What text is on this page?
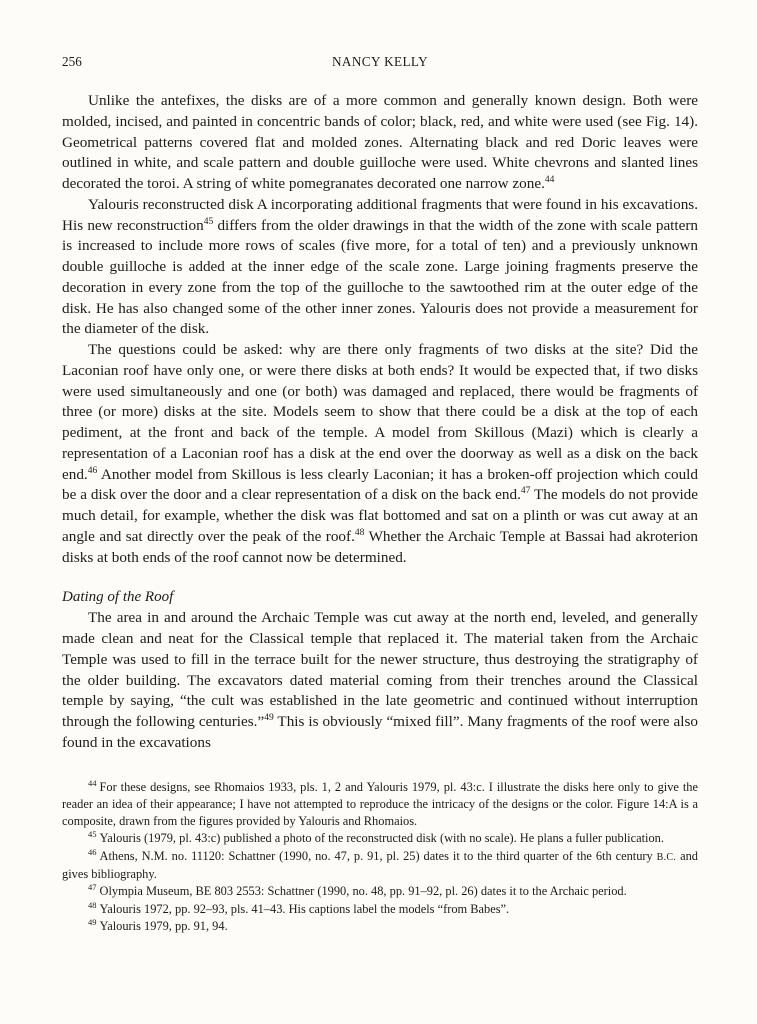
256	NANCY KELLY

Unlike the antefixes, the disks are of a more common and generally known design. Both were molded, incised, and painted in concentric bands of color; black, red, and white were used (see Fig. 14). Geometrical patterns covered flat and molded zones. Alternating black and red Doric leaves were outlined in white, and scale pattern and double guilloche were used. White chevrons and slanted lines decorated the toroi. A string of white pomegranates decorated one narrow zone.$^{44}$

Yalouris reconstructed disk A incorporating additional fragments that were found in his excavations. His new reconstruction$^{45}$ differs from the older drawings in that the width of the zone with scale pattern is increased to include more rows of scales (five more, for a total of ten) and a previously unknown double guilloche is added at the inner edge of the scale zone. Large joining fragments preserve the decoration in every zone from the top of the guilloche to the sawtoothed rim at the outer edge of the disk. He has also changed some of the other inner zones. Yalouris does not provide a measurement for the diameter of the disk.

The questions could be asked: why are there only fragments of two disks at the site? Did the Laconian roof have only one, or were there disks at both ends? It would be expected that, if two disks were used simultaneously and one (or both) was damaged and replaced, there would be fragments of three (or more) disks at the site. Models seem to show that there could be a disk at the top of each pediment, at the front and back of the temple. A model from Skillous (Mazi) which is clearly a representation of a Laconian roof has a disk at the end over the doorway as well as a disk on the back end.$^{46}$ Another model from Skillous is less clearly Laconian; it has a broken-off projection which could be a disk over the door and a clear representation of a disk on the back end.$^{47}$ The models do not provide much detail, for example, whether the disk was flat bottomed and sat on a plinth or was cut away at an angle and sat directly over the peak of the roof.$^{48}$ Whether the Archaic Temple at Bassai had akroterion disks at both ends of the roof cannot now be determined.

Dating of the Roof

The area in and around the Archaic Temple was cut away at the north end, leveled, and generally made clean and neat for the Classical temple that replaced it. The material taken from the Archaic Temple was used to fill in the terrace built for the newer structure, thus destroying the stratigraphy of the older building. The excavators dated material coming from their trenches around the Classical temple by saying, “the cult was established in the late geometric and continued without interruption through the following centuries.”$^{49}$ This is obviously “mixed fill”. Many fragments of the roof were also found in the excavations

$^{44}$ For these designs, see Rhomaios 1933, pls. 1, 2 and Yalouris 1979, pl. 43:c. I illustrate the disks here only to give the reader an idea of their appearance; I have not attempted to reproduce the intricacy of the designs or the color. Figure 14:A is a composite, drawn from the figures provided by Yalouris and Rhomaios.

$^{45}$ Yalouris (1979, pl. 43:c) published a photo of the reconstructed disk (with no scale). He plans a fuller publication.

$^{46}$ Athens, N.M. no. 11120: Schattner (1990, no. 47, p. 91, pl. 25) dates it to the third quarter of the 6th century B.C. and gives bibliography.

$^{47}$ Olympia Museum, BE 803 2553: Schattner (1990, no. 48, pp. 91–92, pl. 26) dates it to the Archaic period.

$^{48}$ Yalouris 1972, pp. 92–93, pls. 41–43. His captions label the models “from Babes”.

$^{49}$ Yalouris 1979, pp. 91, 94.
